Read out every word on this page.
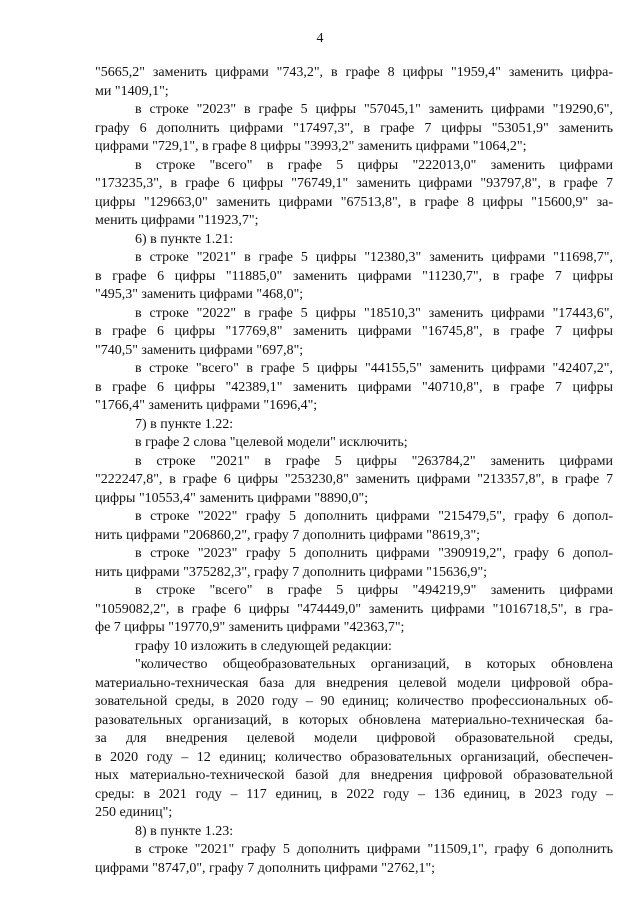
4
"5665,2" заменить цифрами "743,2", в графе 8 цифры "1959,4" заменить цифра-
ми "1409,1";
в строке "2023" в графе 5 цифры "57045,1" заменить цифрами "19290,6",
графу 6 дополнить цифрами "17497,3", в графе 7 цифры "53051,9" заменить
цифрами "729,1", в графе 8 цифры "3993,2" заменить цифрами "1064,2";
в строке "всего" в графе 5 цифры "222013,0" заменить цифрами
"173235,3", в графе 6 цифры "76749,1" заменить цифрами "93797,8", в графе 7
цифры "129663,0" заменить цифрами "67513,8", в графе 8 цифры "15600,9" за-
менить цифрами "11923,7";
6) в пункте 1.21:
в строке "2021" в графе 5 цифры "12380,3" заменить цифрами "11698,7",
в графе 6 цифры "11885,0" заменить цифрами "11230,7", в графе 7 цифры
"495,3" заменить цифрами "468,0";
в строке "2022" в графе 5 цифры "18510,3" заменить цифрами "17443,6",
в графе 6 цифры "17769,8" заменить цифрами "16745,8", в графе 7 цифры
"740,5" заменить цифрами "697,8";
в строке "всего" в графе 5 цифры "44155,5" заменить цифрами "42407,2",
в графе 6 цифры "42389,1" заменить цифрами "40710,8", в графе 7 цифры
"1766,4" заменить цифрами "1696,4";
7) в пункте 1.22:
в графе 2 слова "целевой модели" исключить;
в строке "2021" в графе 5 цифры "263784,2" заменить цифрами
"222247,8", в графе 6 цифры "253230,8" заменить цифрами "213357,8", в графе 7
цифры "10553,4" заменить цифрами "8890,0";
в строке "2022" графу 5 дополнить цифрами "215479,5", графу 6 допол-
нить цифрами "206860,2", графу 7 дополнить цифрами "8619,3";
в строке "2023" графу 5 дополнить цифрами "390919,2", графу 6 допол-
нить цифрами "375282,3", графу 7 дополнить цифрами "15636,9";
в строке "всего" в графе 5 цифры "494219,9" заменить цифрами
"1059082,2", в графе 6 цифры "474449,0" заменить цифрами "1016718,5", в гра-
фе 7 цифры "19770,9" заменить цифрами "42363,7";
графу 10 изложить в следующей редакции:
"количество общеобразовательных организаций, в которых обновлена
материально-техническая база для внедрения целевой модели цифровой обра-
зовательной среды, в 2020 году – 90 единиц; количество профессиональных об-
разовательных организаций, в которых обновлена материально-техническая ба-
за для внедрения целевой модели цифровой образовательной среды,
в 2020 году – 12 единиц; количество образовательных организаций, обеспечен-
ных материально-технической базой для внедрения цифровой образовательной
среды: в 2021 году – 117 единиц, в 2022 году – 136 единиц, в 2023 году –
250 единиц";
8) в пункте 1.23:
в строке "2021" графу 5 дополнить цифрами "11509,1", графу 6 дополнить
цифрами "8747,0", графу 7 дополнить цифрами "2762,1";
